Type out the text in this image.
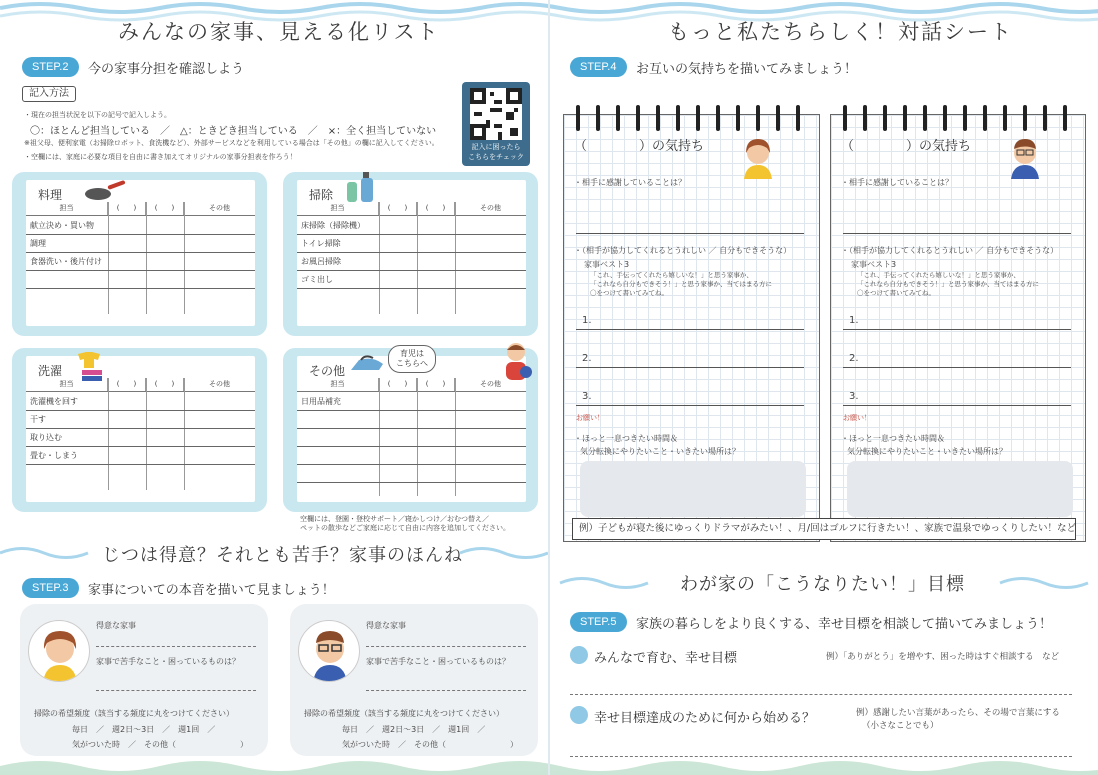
みんなの家事、見える化リスト
STEP.2	今の家事分担を確認しよう
記入方法
・現在の担当状況を以下の記号で記入しよう。
〇：ほとんど担当している　／　△：ときどき担当している　／　×：全く担当していない
※祖父母、便利家電（お掃除ロボット、食洗機など）、外部サービスなどを利用している場合は「その他」の欄に記入してください。
・空欄には、家庭に必要な項目を自由に書き加えてオリジナルの家事分担表を作ろう！
記入に困ったら
こちらをチェック
料理
担当	(　　)	(　　)	その他
献立決め・買い物
調理
食器洗い・後片付け
掃除
担当	(　　)	(　　)	その他
床掃除（掃除機）
トイレ掃除
お風呂掃除
ゴミ出し
洗濯
担当	(　　)	(　　)	その他
洗濯機を回す
干す
取り込む
畳む・しまう
その他
担当	(　　)	(　　)	その他
日用品補充
育児は
こちらへ
空欄には、登園・登校サポート／寝かしつけ／おむつ替え／
ペットの散歩などご家庭に応じて自由に内容を追加してください。
じつは得意？それとも苦手？家事のほんね
STEP.3	家事についての本音を描いて見ましょう！
得意な家事
家事で苦手なこと・困っているものは？
掃除の希望頻度（該当する頻度に丸をつけてください）
毎日　／　週2日〜3日　／　週1回　／
気がついた時　／　その他（　　　　　　　　）
得意な家事
家事で苦手なこと・困っているものは？
掃除の希望頻度（該当する頻度に丸をつけてください）
毎日　／　週2日〜3日　／　週1回　／
気がついた時　／　その他（　　　　　　　　）
もっと私たちらしく！対話シート
STEP.4	お互いの気持ちを描いてみましょう！
（　　　　）の気持ち
・相手に感謝していることは？
・（相手が協力してくれるとうれしい ／ 自分もできそうな）
家事ベスト3
「これ、手伝ってくれたら嬉しいな！」と思う家事か、
「これなら自分もできそう！」と思う家事か、当てはまる方に
〇をつけて書いてみてね。
1.
2.
3.
お願い！
・ほっと一息つきたい時間＆
気分転換にやりたいこと・いきたい場所は？
（　　　　）の気持ち
・相手に感謝していることは？
・（相手が協力してくれるとうれしい ／ 自分もできそうな）
家事ベスト3
「これ、手伝ってくれたら嬉しいな！」と思う家事か、
「これなら自分もできそう！」と思う家事か、当てはまる方に
〇をつけて書いてみてね。
1.
2.
3.
お願い！
・ほっと一息つきたい時間＆
気分転換にやりたいこと・いきたい場所は？
例）子どもが寝た後にゆっくりドラマがみたい！、月/回はゴルフに行きたい！、家族で温泉でゆっくりしたい！など
わが家の「こうなりたい！」目標
STEP.5	家族の暮らしをより良くする、幸せ目標を相談して描いてみましょう！
みんなで育む、幸せ目標	例）「ありがとう」を増やす、困った時はすぐ相談する　など
幸せ目標達成のために何から始める？	例）感謝したい言葉があったら、その場で言葉にする
（小さなことでも）
